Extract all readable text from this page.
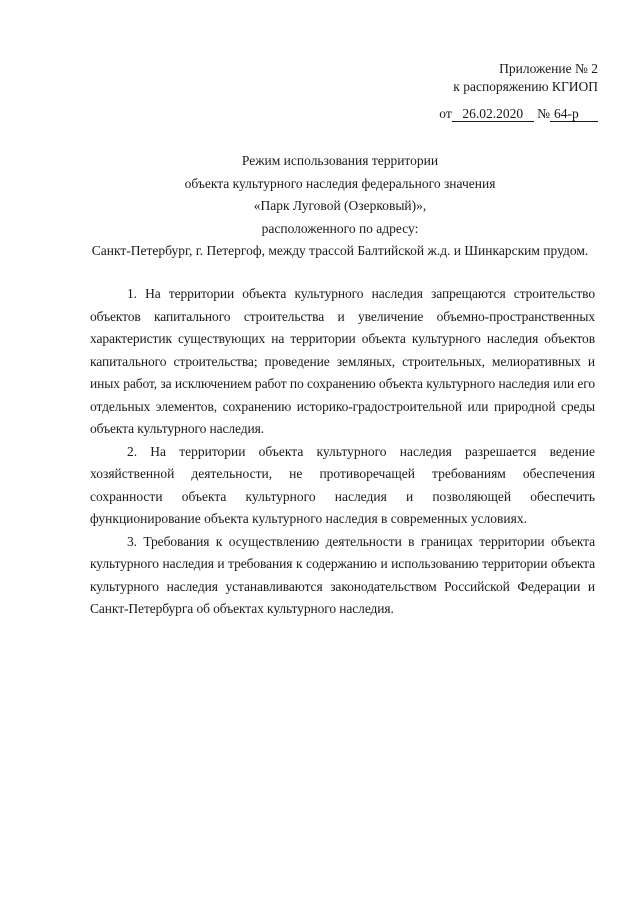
Приложение № 2
к распоряжению КГИОП
от 26.02.2020 № 64-р
Режим использования территории
объекта культурного наследия федерального значения
«Парк Луговой (Озерковый)»,
расположенного по адресу:
Санкт-Петербург, г. Петергоф, между трассой Балтийской ж.д. и Шинкарским прудом.

1. На территории объекта культурного наследия запрещаются строительство объектов капитального строительства и увеличение объемно-пространственных характеристик существующих на территории объекта культурного наследия объектов капитального строительства; проведение земляных, строительных, мелиоративных и иных работ, за исключением работ по сохранению объекта культурного наследия или его отдельных элементов, сохранению историко-градостроительной или природной среды объекта культурного наследия.

2. На территории объекта культурного наследия разрешается ведение хозяйственной деятельности, не противоречащей требованиям обеспечения сохранности объекта культурного наследия и позволяющей обеспечить функционирование объекта культурного наследия в современных условиях.

3. Требования к осуществлению деятельности в границах территории объекта культурного наследия и требования к содержанию и использованию территории объекта культурного наследия устанавливаются законодательством Российской Федерации и Санкт-Петербурга об объектах культурного наследия.
